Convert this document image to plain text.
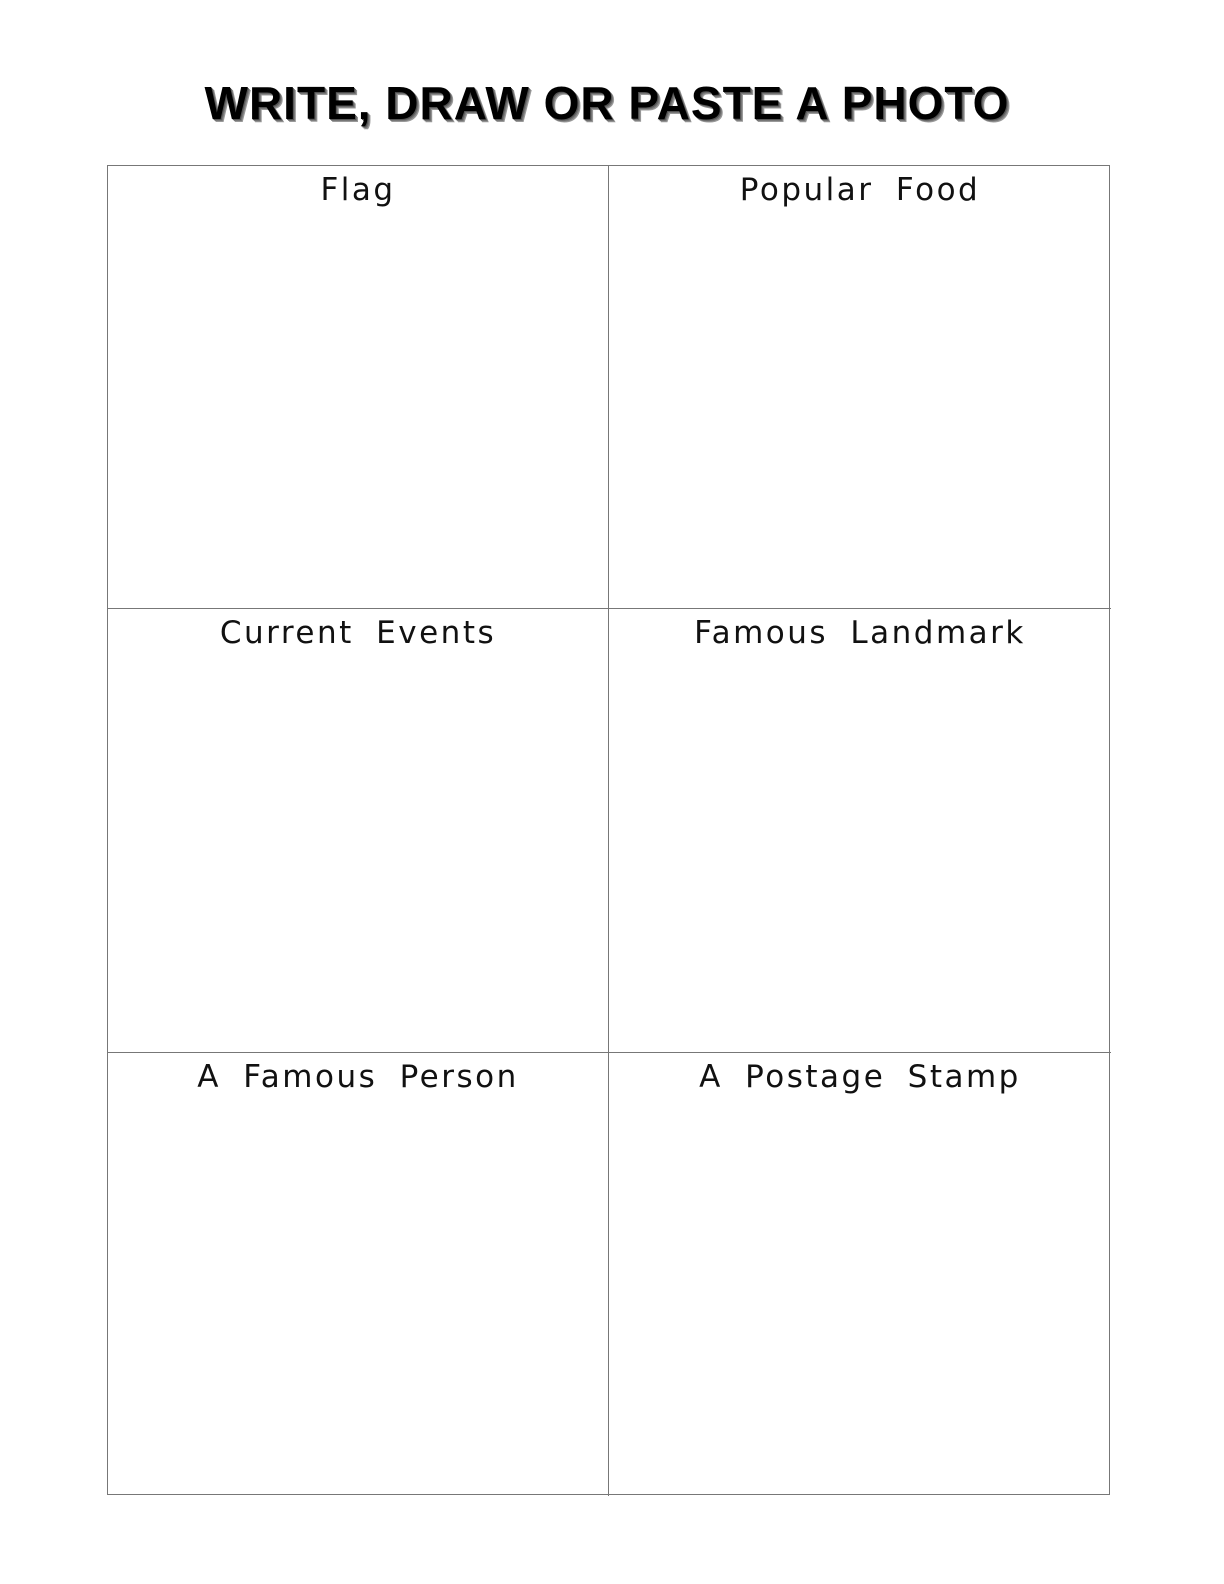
WRITE, DRAW OR PASTE A PHOTO
Flag	Popular Food
Current Events	Famous Landmark
A Famous Person	A Postage Stamp
